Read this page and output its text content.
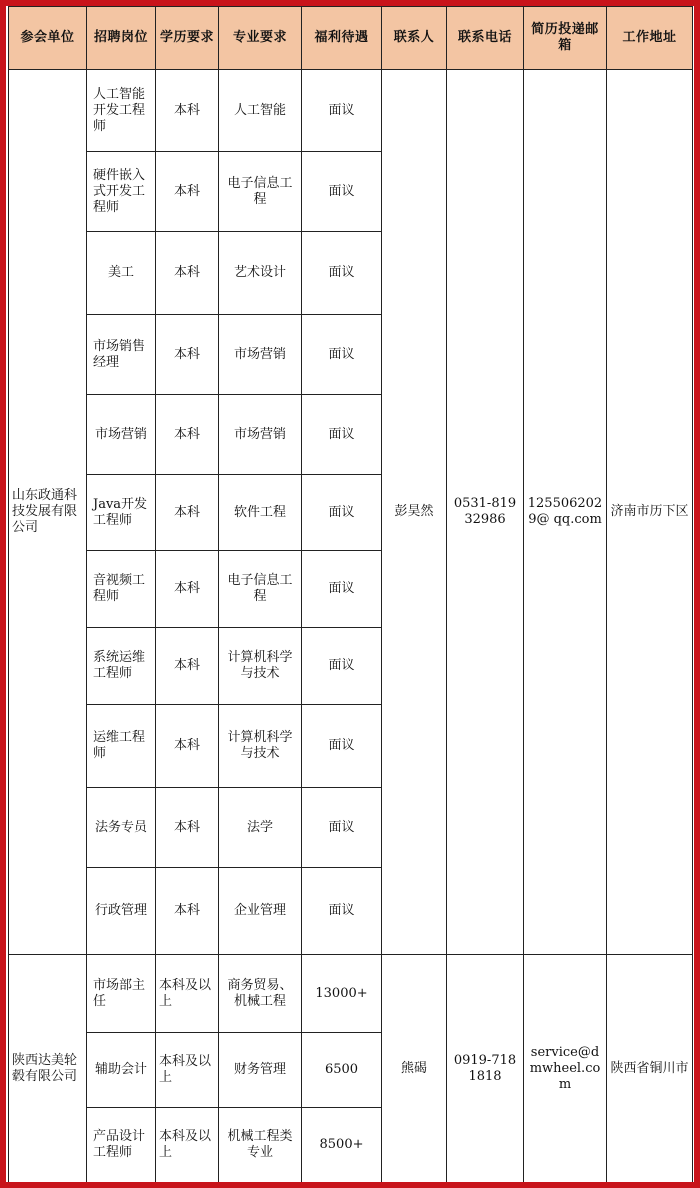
参会单位	招聘岗位	学历要求	专业要求	福利待遇	联系人	联系电话	简历投递邮箱	工作地址
山东政通科技发展有限公司	人工智能开发工程师	本科	人工智能	面议	彭昊然	0531-81932986	1255062029@ qq.com	济南市历下区
	硬件嵌入式开发工程师	本科	电子信息工程	面议				
	美工	本科	艺术设计	面议				
	市场销售经理	本科	市场营销	面议				
	市场营销	本科	市场营销	面议				
	Java开发工程师	本科	软件工程	面议				
	音视频工程师	本科	电子信息工程	面议				
	系统运维工程师	本科	计算机科学与技术	面议				
	运维工程师	本科	计算机科学与技术	面议				
	法务专员	本科	法学	面议				
	行政管理	本科	企业管理	面议				
陕西达美轮毂有限公司	市场部主任	本科及以上	商务贸易、机械工程	13000+	熊碣	0919-7181818	service@dmwheel.com	陕西省铜川市
	辅助会计	本科及以上	财务管理	6500				
	产品设计工程师	本科及以上	机械工程类专业	8500+				
